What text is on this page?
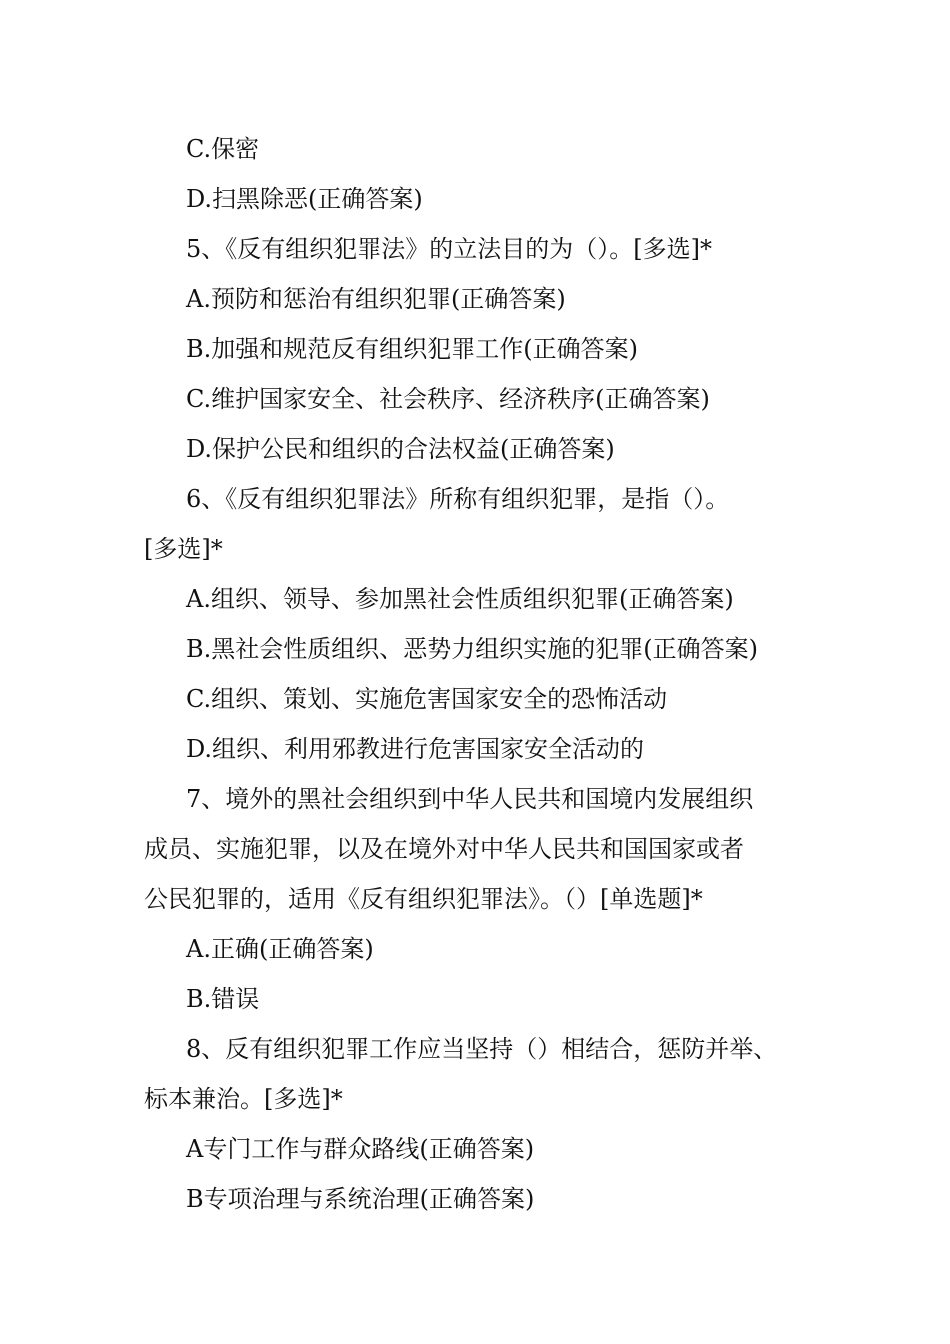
C.保密
D.扫黑除恶(正确答案)
5、《反有组织犯罪法》的立法目的为（）。[多选]*
A.预防和惩治有组织犯罪(正确答案)
B.加强和规范反有组织犯罪工作(正确答案)
C.维护国家安全、社会秩序、经济秩序(正确答案)
D.保护公民和组织的合法权益(正确答案)
6、《反有组织犯罪法》所称有组织犯罪，是指（）。
[多选]*
A.组织、领导、参加黑社会性质组织犯罪(正确答案)
B.黑社会性质组织、恶势力组织实施的犯罪(正确答案)
C.组织、策划、实施危害国家安全的恐怖活动
D.组织、利用邪教进行危害国家安全活动的
7、境外的黑社会组织到中华人民共和国境内发展组织
成员、实施犯罪，以及在境外对中华人民共和国国家或者
公民犯罪的，适用《反有组织犯罪法》。（）[单选题]*
A.正确(正确答案)
B.错误
8、反有组织犯罪工作应当坚持（）相结合，惩防并举、
标本兼治。[多选]*
A专门工作与群众路线(正确答案)
B专项治理与系统治理(正确答案)
